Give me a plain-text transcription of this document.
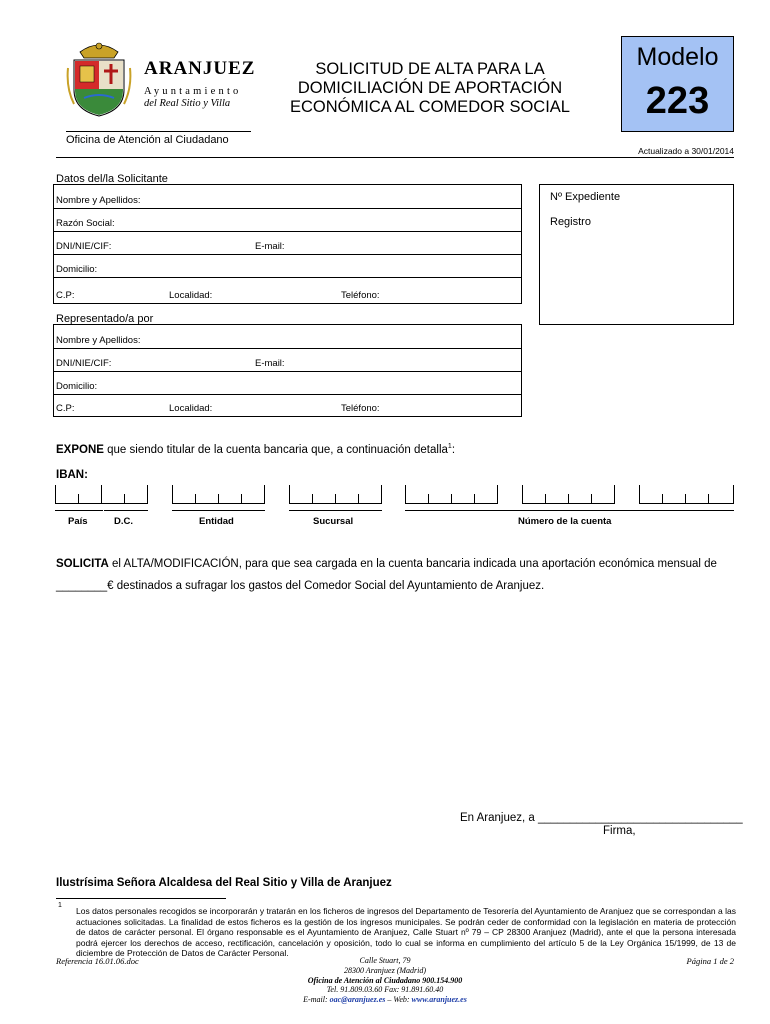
ARANJUEZ
Ayuntamiento
del Real Sitio y Villa
Oficina de Atención al Ciudadano
SOLICITUD DE ALTA PARA LA
DOMICILIACIÓN DE APORTACIÓN
ECONÓMICA AL COMEDOR SOCIAL
Modelo
223
Actualizado a 30/01/2014
Datos del/la Solicitante
Nombre y Apellidos:
Razón Social:
DNI/NIE/CIF:	E-mail:
Domicilio:
C.P:	Localidad:	Teléfono:
Nº Expediente
Registro
Representado/a por
Nombre y Apellidos:
DNI/NIE/CIF:	E-mail:
Domicilio:
C.P:	Localidad:	Teléfono:
EXPONE que siendo titular de la cuenta bancaria que, a continuación detalla$^1$:
IBAN:
País	D.C.	Entidad	Sucursal	Número de la cuenta
SOLICITA el ALTA/MODIFICACIÓN, para que sea cargada en la cuenta bancaria indicada una aportación económica mensual de ________€ destinados a sufragar los gastos del Comedor Social del Ayuntamiento de Aranjuez.
En Aranjuez, a ________________________________
Firma,
Ilustrísima Señora Alcaldesa del Real Sitio y Villa de Aranjuez
1
Los datos personales recogidos se incorporarán y tratarán en los ficheros de ingresos del Departamento de Tesorería del Ayuntamiento de Aranjuez que se correspondan a las actuaciones solicitadas. La finalidad de estos ficheros es la gestión de los ingresos municipales. Se podrán ceder de conformidad con la legislación en materia de protección de datos de carácter personal. El órgano responsable es el Ayuntamiento de Aranjuez, Calle Stuart nº 79 – CP 28300 Aranjuez (Madrid), ante el que la persona interesada podrá ejercer los derechos de acceso, rectificación, cancelación y oposición, todo lo cual se informa en cumplimiento del artículo 5 de la Ley Orgánica 15/1999, de 13 de diciembre de Protección de Datos de Carácter Personal.
Referencia 16.01.06.doc	Página 1 de 2
Calle Stuart, 79
28300 Aranjuez (Madrid)
Oficina de Atención al Ciudadano 900.154.900
Tel. 91.809.03.60 Fax: 91.891.60.40
E-mail: oac@aranjuez.es – Web: www.aranjuez.es
